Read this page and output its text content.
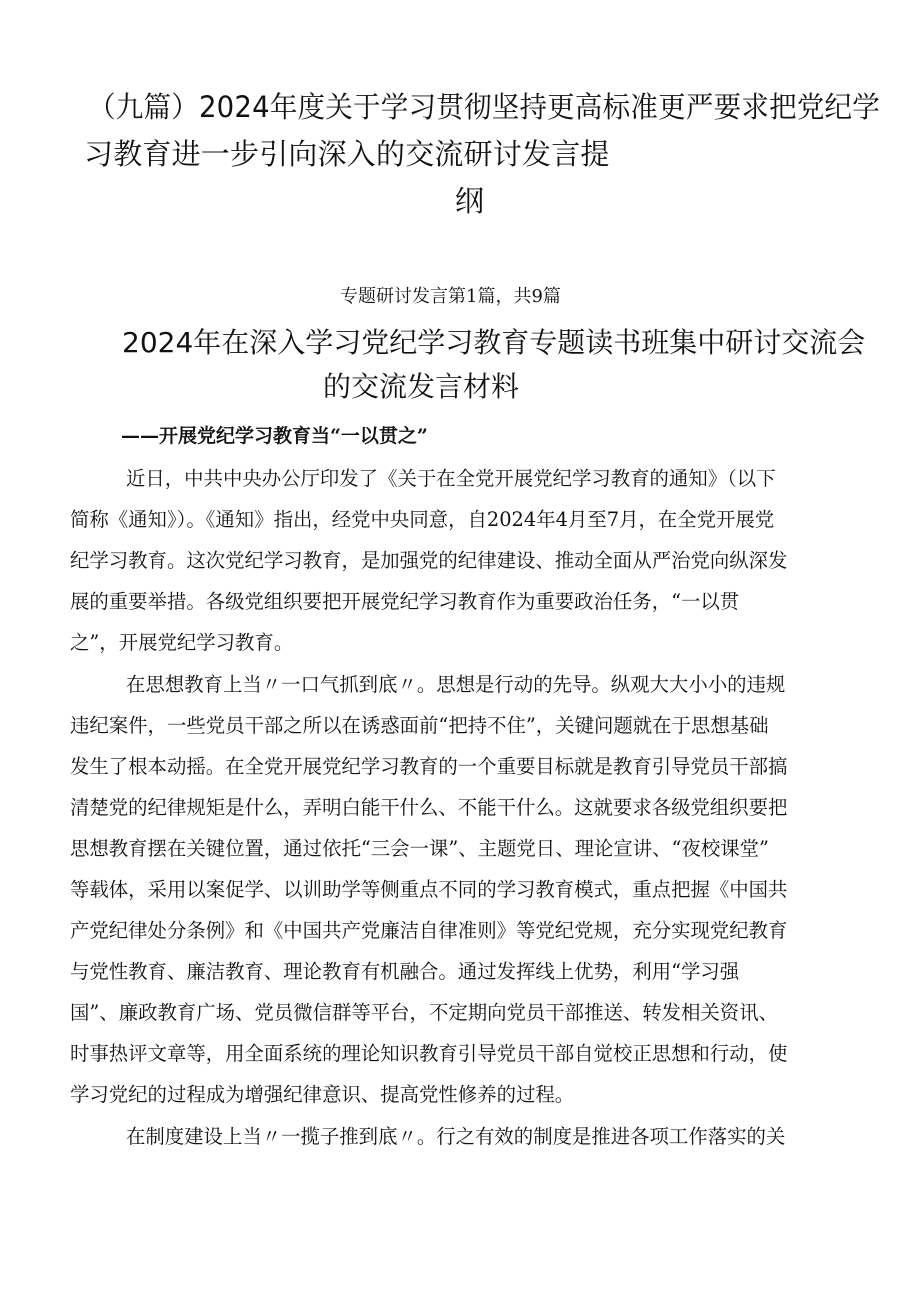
（九篇）2024年度关于学习贯彻坚持更高标准更严要求把党纪学
习教育进一步引向深入的交流研讨发言提
纲
专题研讨发言第1篇，共9篇
2024年在深入学习党纪学习教育专题读书班集中研讨交流会
的交流发言材料
——开展党纪学习教育当“一以贯之”
近日，中共中央办公厅印发了《关于在全党开展党纪学习教育的通知》（以下
简称《通知》）。《通知》指出，经党中央同意，自2024年4月至7月，在全党开展党
纪学习教育。这次党纪学习教育，是加强党的纪律建设、推动全面从严治党向纵深发
展的重要举措。各级党组织要把开展党纪学习教育作为重要政治任务，“一以贯
之”，开展党纪学习教育。
在思想教育上当〃一口气抓到底〃。思想是行动的先导。纵观大大小小的违规
违纪案件，一些党员干部之所以在诱惑面前“把持不住”，关键问题就在于思想基础
发生了根本动摇。在全党开展党纪学习教育的一个重要目标就是教育引导党员干部搞
清楚党的纪律规矩是什么，弄明白能干什么、不能干什么。这就要求各级党组织要把
思想教育摆在关键位置，通过依托“三会一课”、主题党日、理论宣讲、“夜校课堂”
等载体，采用以案促学、以训助学等侧重点不同的学习教育模式，重点把握《中国共
产党纪律处分条例》和《中国共产党廉洁自律准则》等党纪党规，充分实现党纪教育
与党性教育、廉洁教育、理论教育有机融合。通过发挥线上优势，利用“学习强
国”、廉政教育广场、党员微信群等平台，不定期向党员干部推送、转发相关资讯、
时事热评文章等，用全面系统的理论知识教育引导党员干部自觉校正思想和行动，使
学习党纪的过程成为增强纪律意识、提高党性修养的过程。
在制度建设上当〃一揽子推到底〃。行之有效的制度是推进各项工作落实的关
